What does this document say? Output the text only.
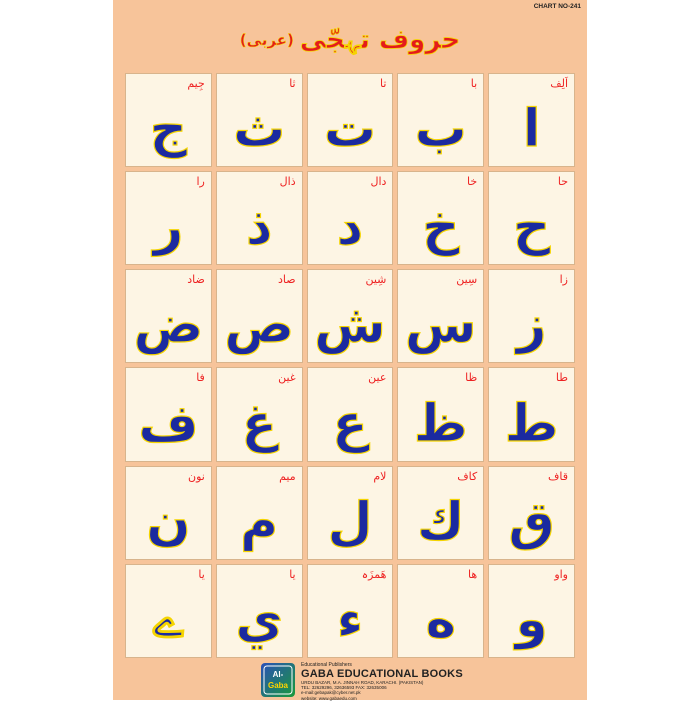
CHART NO-241
حروف تہجّی
(عربی)
اَلِف
ا
با
ب
تا
ت
ثا
ث
جِیم
ج
حا
ح
خا
خ
دال
د
ذال
ذ
را
ر
زا
ز
سِین
س
شِین
ش
صاد
ص
ضاد
ض
طا
ط
ظا
ظ
عین
ع
غین
غ
فا
ف
قاف
ق
کاف
ك
لام
ل
میم
م
نون
ن
واو
و
ھا
ه
ھَمزَہ
ء
یا
ي
یا
ے
Al-
Gaba
Educational Publishers
GABA EDUCATIONAL BOOKS
URDU BAZAR, M.A. JINNAH ROAD, KARACHI. (PAKISTAN)
TEL: 32629296, 32636593 FAX: 32635006
e-mail:gebapak@cyber.net.pk
website: www.gabaedu.com
